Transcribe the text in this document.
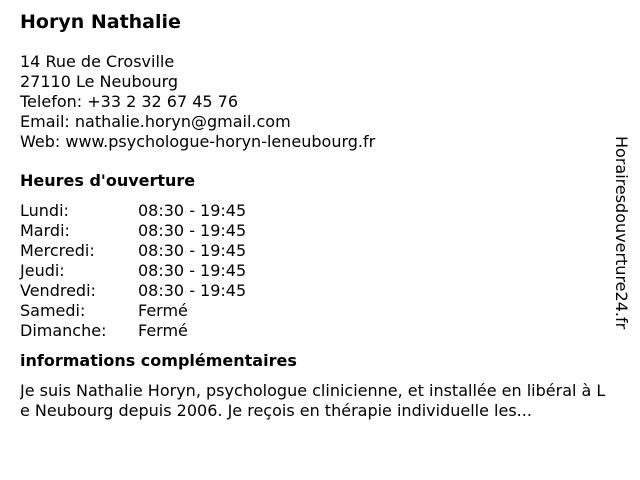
Horyn Nathalie
14 Rue de Crosville
27110 Le Neubourg
Telefon: +33 2 32 67 45 76
Email: nathalie.horyn@gmail.com
Web: www.psychologue-horyn-leneubourg.fr
Heures d'ouverture
Lundi:	08:30 - 19:45
Mardi:	08:30 - 19:45
Mercredi:	08:30 - 19:45
Jeudi:	08:30 - 19:45
Vendredi:	08:30 - 19:45
Samedi:	Fermé
Dimanche: Fermé
informations complémentaires
Je suis Nathalie Horyn, psychologue clinicienne, et installée en libéral à Le Neubourg depuis 2006. Je reçois en thérapie individuelle les...
Horairesdouverture24.fr
